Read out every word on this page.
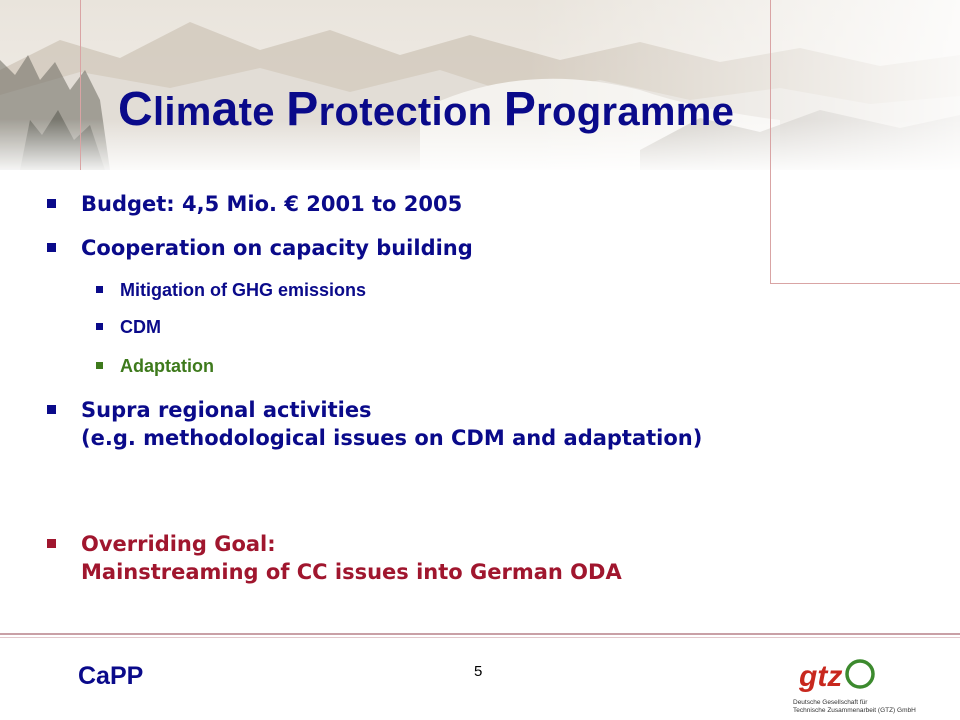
Climate Protection Programme
Budget: 4,5 Mio. € 2001 to 2005
Cooperation on capacity building
Mitigation of GHG emissions
CDM
Adaptation
Supra regional activities
(e.g. methodological issues on CDM and adaptation)
Overriding Goal:
Mainstreaming of CC issues into German ODA
CaPP	5	gtz
Deutsche Gesellschaft für
Technische Zusammenarbeit (GTZ) GmbH
